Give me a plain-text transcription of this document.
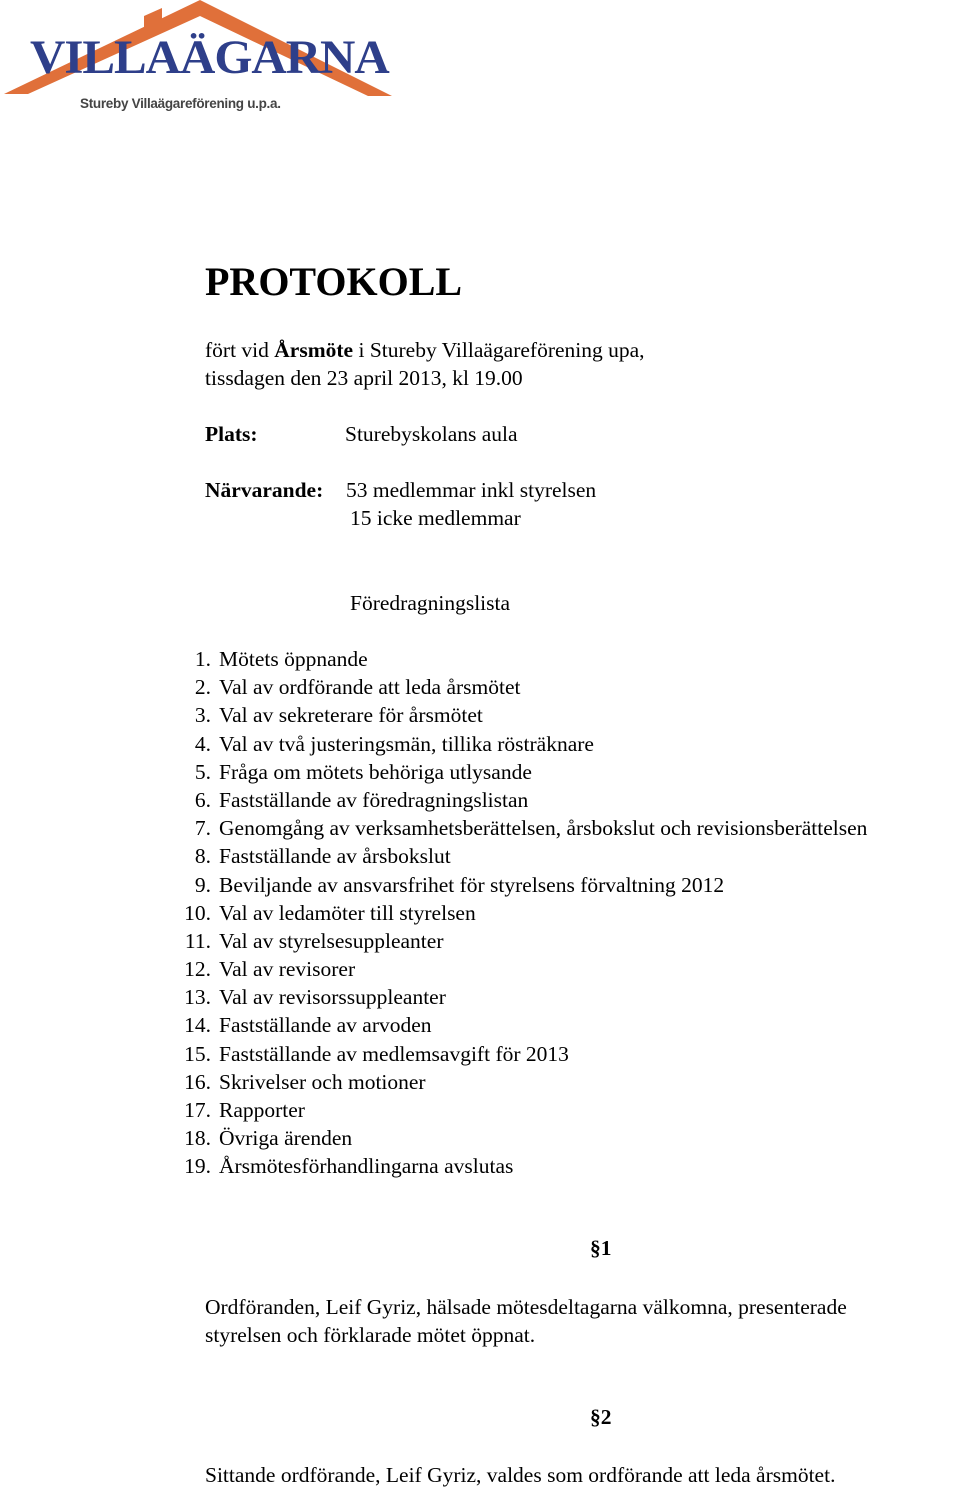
VILLAÄGARNA
Stureby Villaägareförening u.p.a.
PROTOKOLL
fört vid Årsmöte i Stureby Villaägareförening upa,
tissdagen den 23 april 2013, kl 19.00
Plats:	Sturebyskolans aula
Närvarande: 53 medlemmar inkl styrelsen
15 icke medlemmar
Föredragningslista
1. Mötets öppnande
2. Val av ordförande att leda årsmötet
3. Val av sekreterare för årsmötet
4. Val av två justeringsmän, tillika rösträknare
5. Fråga om mötets behöriga utlysande
6. Fastställande av föredragningslistan
7. Genomgång av verksamhetsberättelsen, årsbokslut och revisionsberättelsen
8. Fastställande av årsbokslut
9. Beviljande av ansvarsfrihet för styrelsens förvaltning 2012
10. Val av ledamöter till styrelsen
11. Val av styrelsesuppleanter
12. Val av revisorer
13. Val av revisorssuppleanter
14. Fastställande av arvoden
15. Fastställande av medlemsavgift för 2013
16. Skrivelser och motioner
17. Rapporter
18. Övriga ärenden
19. Årsmötesförhandlingarna avslutas
§1
Ordföranden, Leif Gyriz, hälsade mötesdeltagarna välkomna, presenterade
styrelsen och förklarade mötet öppnat.
§2
Sittande ordförande, Leif Gyriz, valdes som ordförande att leda årsmötet.
